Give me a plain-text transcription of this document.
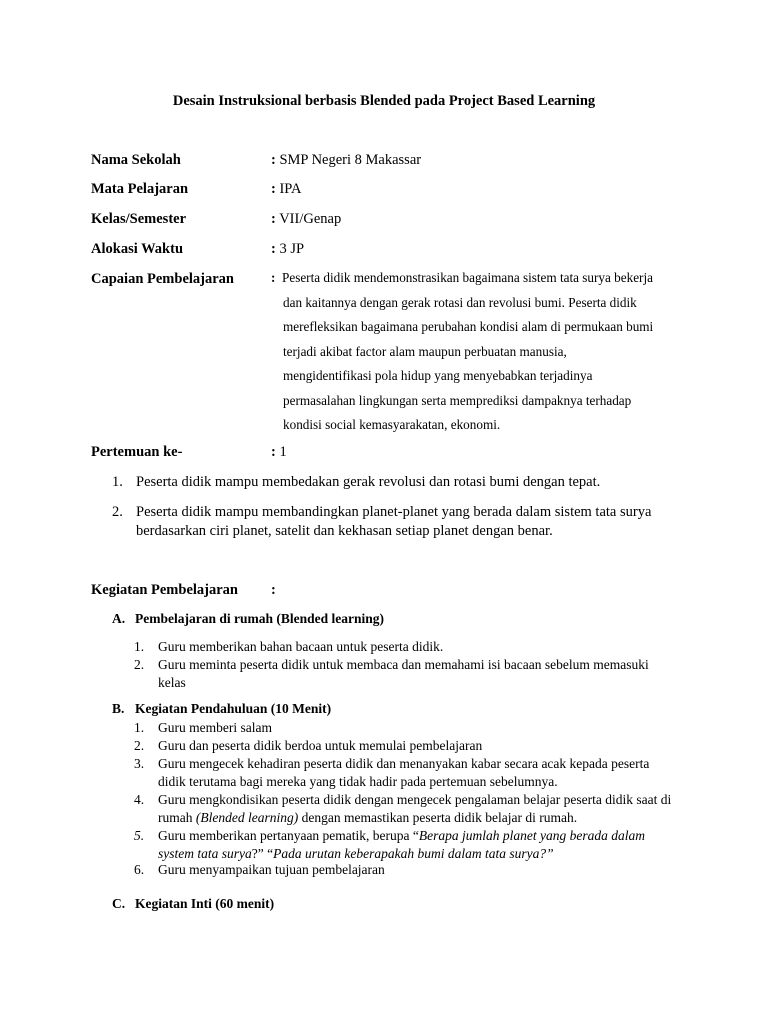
Desain Instruksional berbasis Blended pada Project Based Learning
Nama Sekolah	: SMP Negeri 8 Makassar
Mata Pelajaran	: IPA
Kelas/Semester	: VII/Genap
Alokasi Waktu	: 3 JP
Capaian Pembelajaran	: Peserta didik mendemonstrasikan bagaimana sistem tata surya bekerja
dan kaitannya dengan gerak rotasi dan revolusi bumi. Peserta didik
merefleksikan bagaimana perubahan kondisi alam di permukaan bumi
terjadi akibat factor alam maupun perbuatan manusia,
mengidentifikasi pola hidup yang menyebabkan terjadinya
permasalahan lingkungan serta memprediksi dampaknya terhadap
kondisi social kemasyarakatan, ekonomi.
Pertemuan ke-	: 1
1. Peserta didik mampu membedakan gerak revolusi dan rotasi bumi dengan tepat.
2. Peserta didik mampu membandingkan planet-planet yang berada dalam sistem tata surya berdasarkan ciri planet, satelit dan kekhasan setiap planet dengan benar.
Kegiatan Pembelajaran :
A. Pembelajaran di rumah (Blended learning)
1.	Guru memberikan bahan bacaan untuk peserta didik.
2.	Guru meminta peserta didik untuk membaca dan memahami isi bacaan sebelum memasuki kelas
B. Kegiatan Pendahuluan (10 Menit)
1.	Guru memberi salam
2.	Guru dan peserta didik berdoa untuk memulai pembelajaran
3.	Guru mengecek kehadiran peserta didik dan menanyakan kabar secara acak kepada peserta didik terutama bagi mereka yang tidak hadir pada pertemuan sebelumnya.
4.	Guru mengkondisikan peserta didik dengan mengecek pengalaman belajar peserta didik saat di rumah (Blended learning) dengan memastikan peserta didik belajar di rumah.
5.	Guru memberikan pertanyaan pematik, berupa “Berapa jumlah planet yang berada dalam system tata surya?” “Pada urutan keberapakah bumi dalam tata surya?”
6.	Guru menyampaikan tujuan pembelajaran
C. Kegiatan Inti (60 menit)
